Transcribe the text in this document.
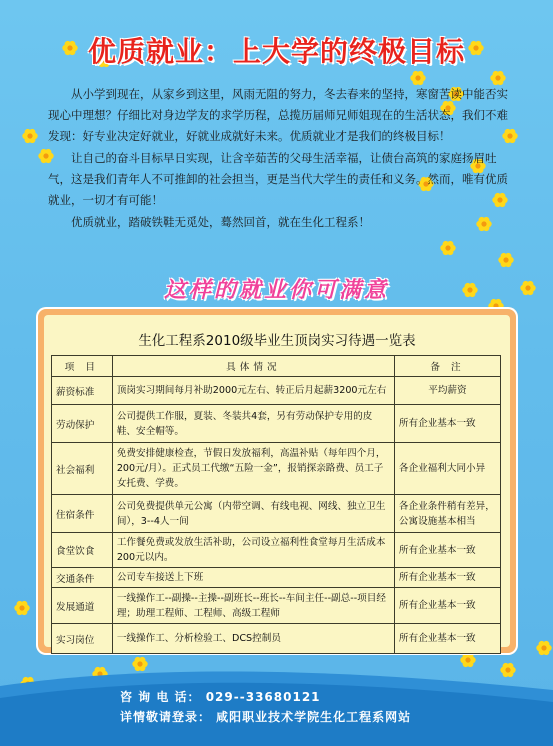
优质就业：上大学的终极目标

从小学到现在，从家乡到这里，风雨无阻的努力，冬去春来的坚持，寒窗苦读中能否实现心中理想？仔细比对身边学友的求学历程，总揽历届师兄师姐现在的生活状态，我们不难发现：好专业决定好就业，好就业成就好未来。优质就业才是我们的终极目标！

让自己的奋斗目标早日实现，让含辛茹苦的父母生活幸福，让债台高筑的家庭扬眉吐气，这是我们青年人不可推卸的社会担当，更是当代大学生的责任和义务。然而，唯有优质就业，一切才有可能！

优质就业，踏破铁鞋无觅处，蓦然回首，就在生化工程系！

这样的就业你可满意
生化工程系2010级毕业生顶岗实习待遇一览表
项 目	具体情况	备 注
薪资标准	顶岗实习期间每月补助2000元左右、转正后月起薪3200元左右	平均薪资
劳动保护	公司提供工作服，夏装、冬装共4套，另有劳动保护专用的皮鞋、安全帽等。	所有企业基本一致
社会福利	免费安排健康检查，节假日发放福利，高温补贴（每年四个月，200元/月）。正式员工代缴“五险一金”，报销探亲路费、员工子女托费、学费。	各企业福利大同小异
住宿条件	公司免费提供单元公寓（内带空调、有线电视、网线、独立卫生间），3--4人一间	各企业条件稍有差异，公寓设施基本相当
食堂饮食	工作餐免费或发放生活补助，公司设立福利性食堂每月生活成本200元以内。	所有企业基本一致
交通条件	公司专车接送上下班	所有企业基本一致
发展通道	一线操作工--副操--主操--副班长--班长--车间主任--副总--项目经理；助理工程师、工程师、高级工程师	所有企业基本一致
实习岗位	一线操作工、分析检验工、DCS控制员	所有企业基本一致
咨 询 电 话： 029--33680121
详情敬请登录： 咸阳职业技术学院生化工程系网站
